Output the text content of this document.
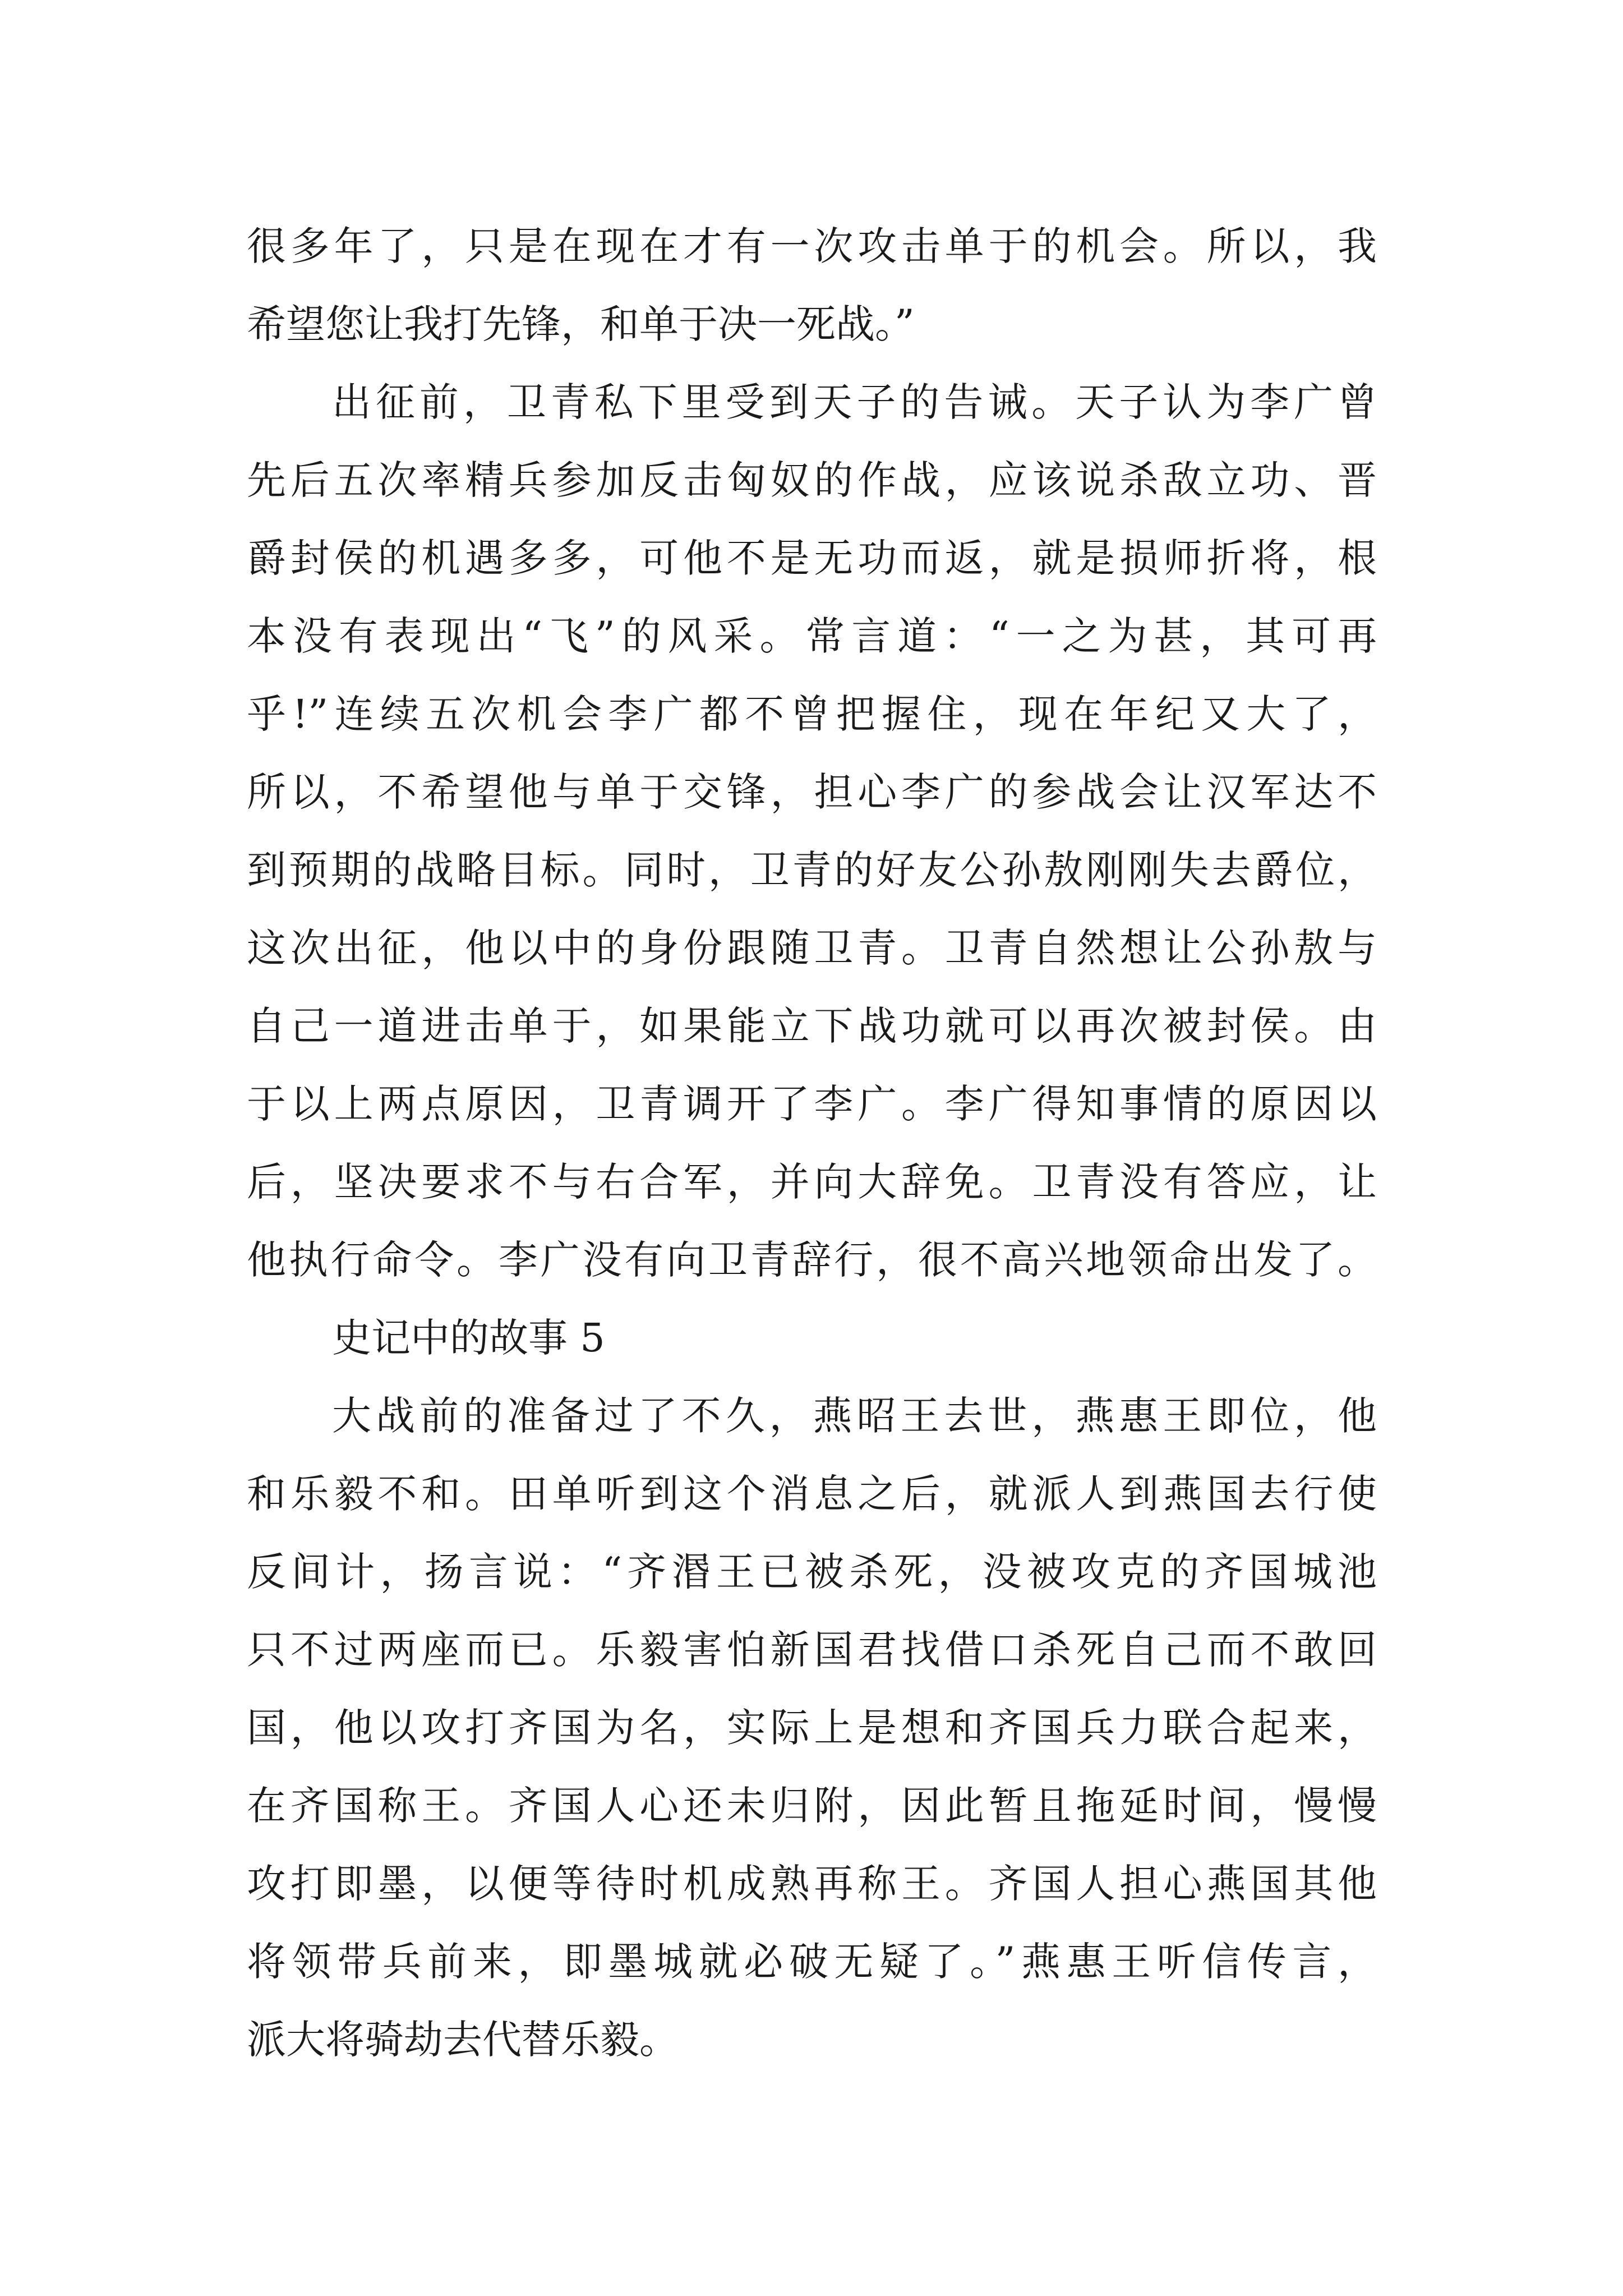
很多年了，只是在现在才有一次攻击单于的机会。所以，我
希望您让我打先锋，和单于决一死战。”
出征前，卫青私下里受到天子的告诫。天子认为李广曾
先后五次率精兵参加反击匈奴的作战，应该说杀敌立功、晋
爵封侯的机遇多多，可他不是无功而返，就是损师折将，根
本没有表现出“飞”的风采。常言道：“一之为甚，其可再
乎!”连续五次机会李广都不曾把握住，现在年纪又大了，
所以，不希望他与单于交锋，担心李广的参战会让汉军达不
到预期的战略目标。同时，卫青的好友公孙敖刚刚失去爵位，
这次出征，他以中的身份跟随卫青。卫青自然想让公孙敖与
自己一道进击单于，如果能立下战功就可以再次被封侯。由
于以上两点原因，卫青调开了李广。李广得知事情的原因以
后，坚决要求不与右合军，并向大辞免。卫青没有答应，让
他执行命令。李广没有向卫青辞行，很不高兴地领命出发了。
史记中的故事 5
大战前的准备过了不久，燕昭王去世，燕惠王即位，他
和乐毅不和。田单听到这个消息之后，就派人到燕国去行使
反间计，扬言说：“齐湣王已被杀死，没被攻克的齐国城池
只不过两座而已。乐毅害怕新国君找借口杀死自己而不敢回
国，他以攻打齐国为名，实际上是想和齐国兵力联合起来，
在齐国称王。齐国人心还未归附，因此暂且拖延时间，慢慢
攻打即墨，以便等待时机成熟再称王。齐国人担心燕国其他
将领带兵前来，即墨城就必破无疑了。”燕惠王听信传言，
派大将骑劫去代替乐毅。
